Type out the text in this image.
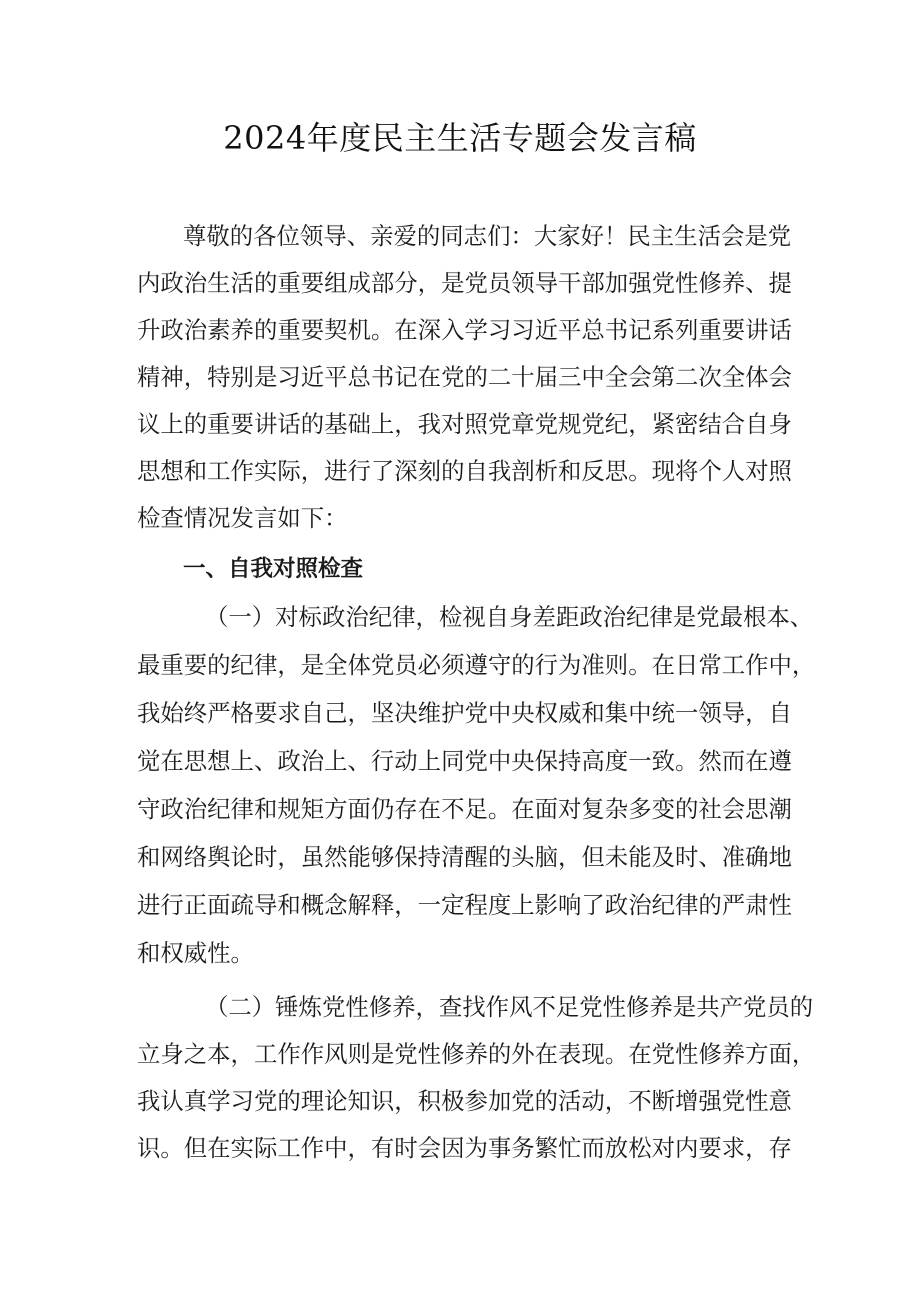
2024年度民主生活专题会发言稿

尊敬的各位领导、亲爱的同志们：大家好！民主生活会是党

内政治生活的重要组成部分，是党员领导干部加强党性修养、提

升政治素养的重要契机。在深入学习习近平总书记系列重要讲话

精神，特别是习近平总书记在党的二十届三中全会第二次全体会

议上的重要讲话的基础上，我对照党章党规党纪，紧密结合自身

思想和工作实际，进行了深刻的自我剖析和反思。现将个人对照

检查情况发言如下：

一、自我对照检查

（一）对标政治纪律，检视自身差距政治纪律是党最根本、

最重要的纪律，是全体党员必须遵守的行为准则。在日常工作中，

我始终严格要求自己，坚决维护党中央权威和集中统一领导，自

觉在思想上、政治上、行动上同党中央保持高度一致。然而在遵

守政治纪律和规矩方面仍存在不足。在面对复杂多变的社会思潮

和网络舆论时，虽然能够保持清醒的头脑，但未能及时、准确地

进行正面疏导和概念解释，一定程度上影响了政治纪律的严肃性

和权威性。

（二）锤炼党性修养，查找作风不足党性修养是共产党员的

立身之本，工作作风则是党性修养的外在表现。在党性修养方面，

我认真学习党的理论知识，积极参加党的活动，不断增强党性意

识。但在实际工作中，有时会因为事务繁忙而放松对内要求，存
